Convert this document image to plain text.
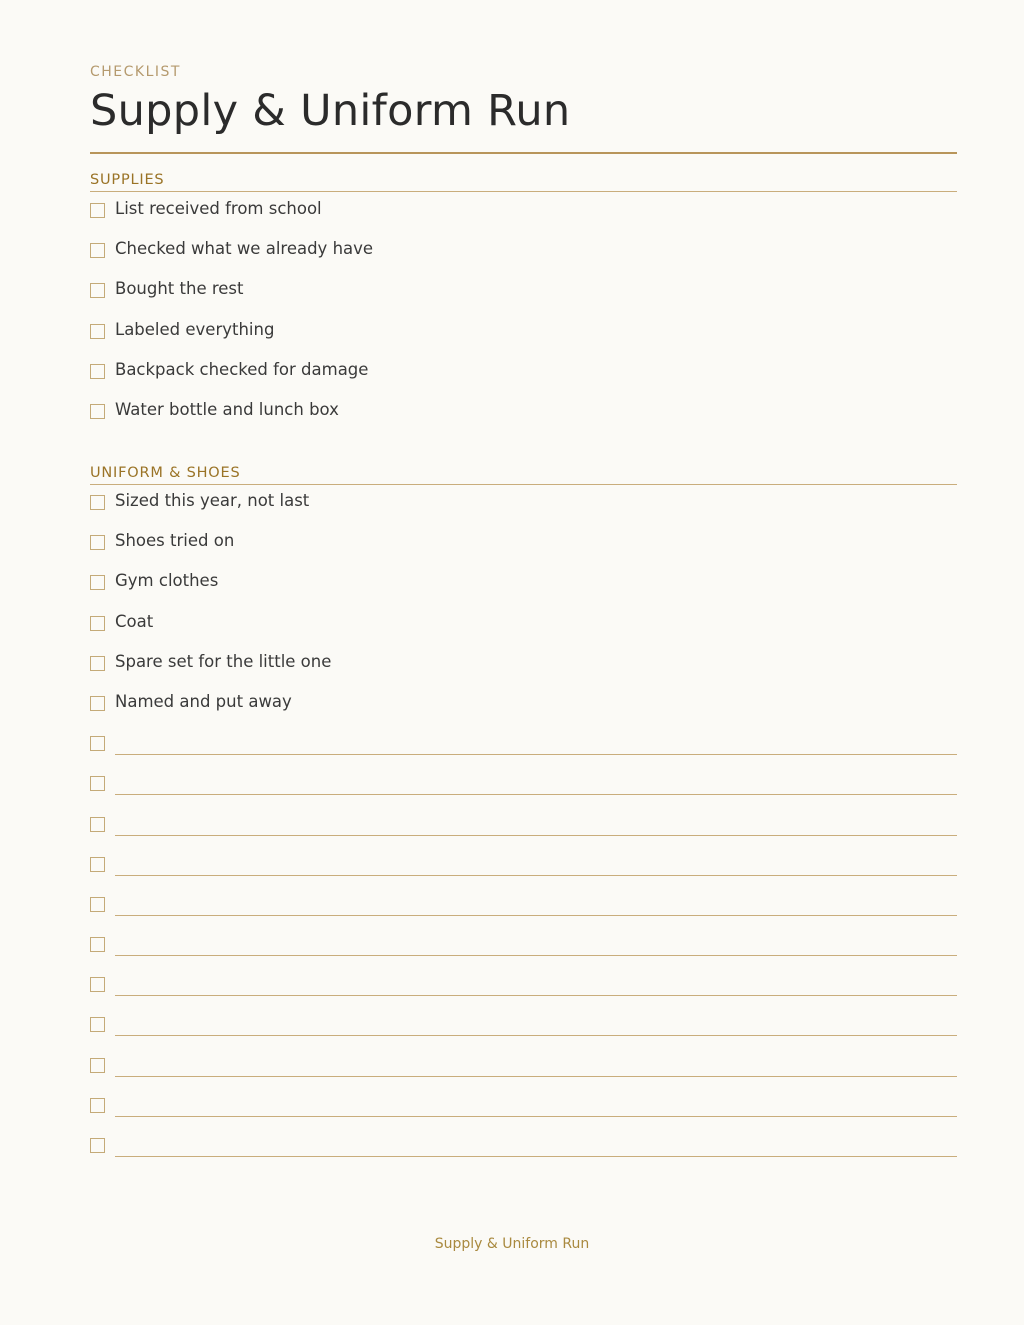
CHECKLIST
Supply & Uniform Run
SUPPLIES
List received from school
Checked what we already have
Bought the rest
Labeled everything
Backpack checked for damage
Water bottle and lunch box
UNIFORM & SHOES
Sized this year, not last
Shoes tried on
Gym clothes
Coat
Spare set for the little one
Named and put away
Supply & Uniform Run
